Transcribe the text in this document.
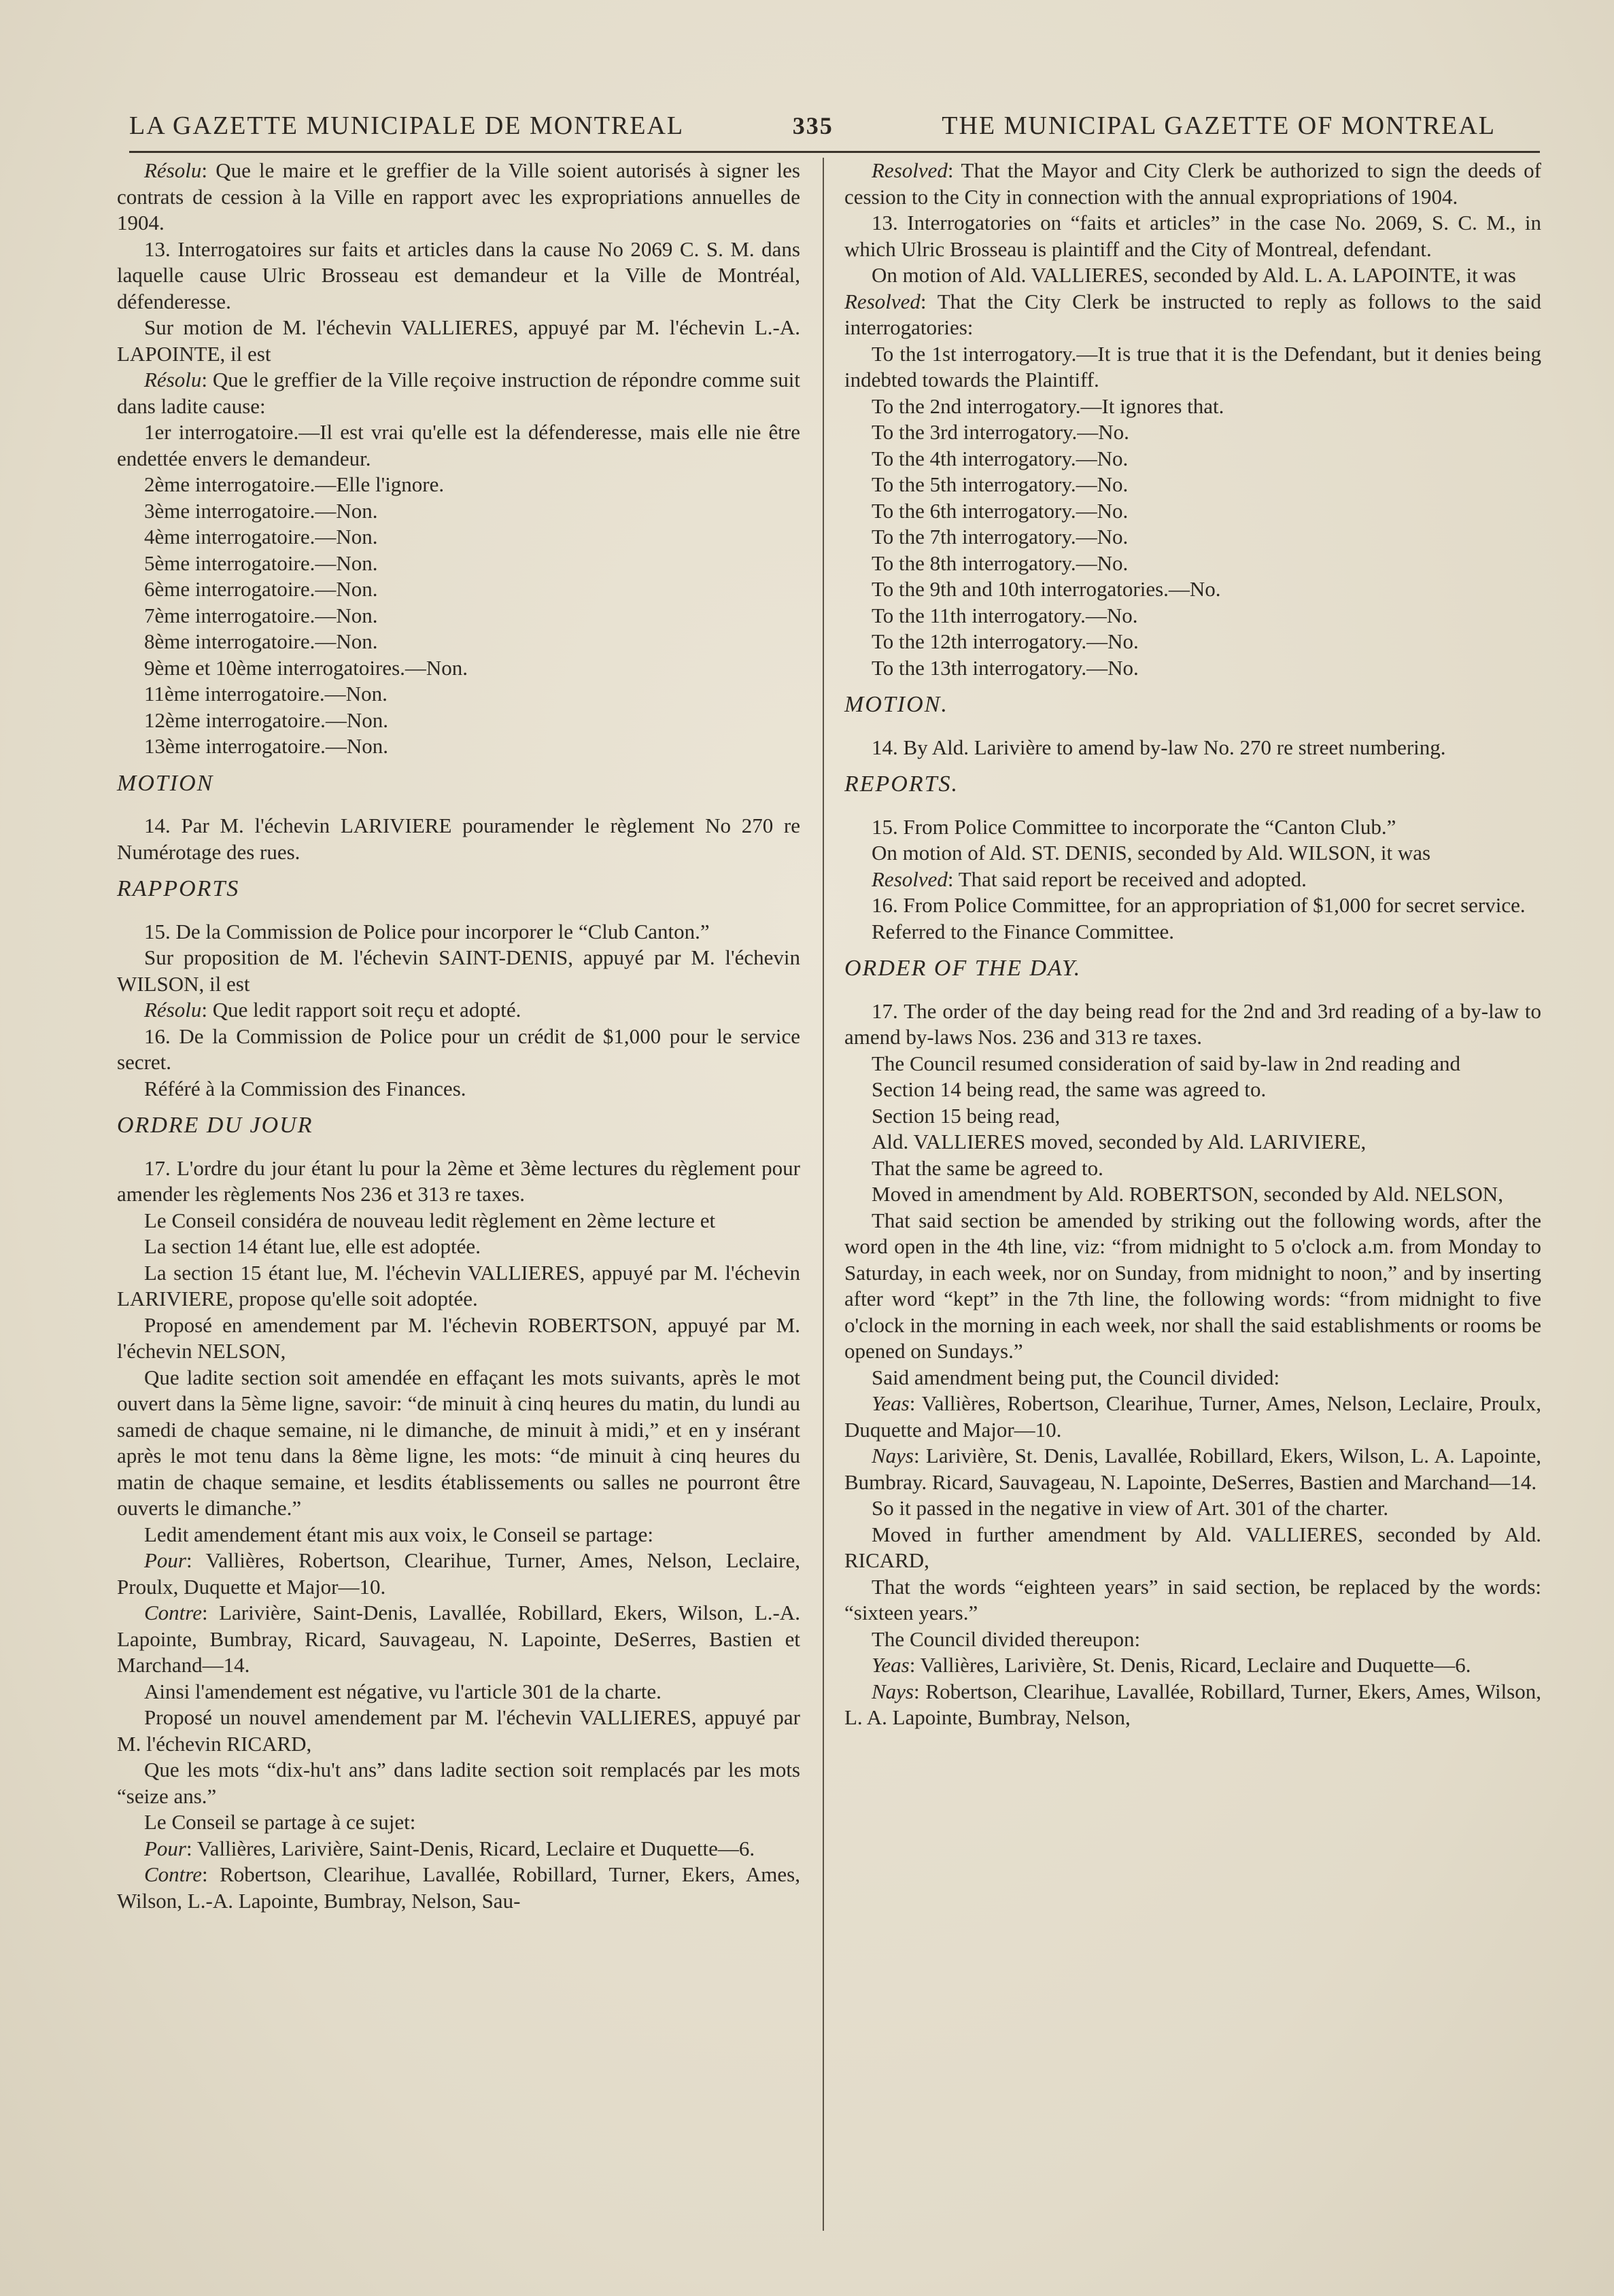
LA GAZETTE MUNICIPALE DE MONTREAL	335	THE MUNICIPAL GAZETTE OF MONTREAL

Résolu: Que le maire et le greffier de la Ville soient autorisés à signer les contrats de cession à la Ville en rapport avec les expropriations annuelles de 1904.

13. Interrogatoires sur faits et articles dans la cause No 2069 C. S. M. dans laquelle cause Ulric Brosseau est demandeur et la Ville de Montréal, défenderesse.

Sur motion de M. l'échevin VALLIERES, appuyé par M. l'échevin L.-A. LAPOINTE, il est

Résolu: Que le greffier de la Ville reçoive instruction de répondre comme suit dans ladite cause:

1er interrogatoire.—Il est vrai qu'elle est la défenderesse, mais elle nie être endettée envers le demandeur.

2ème interrogatoire.—Elle l'ignore.

3ème interrogatoire.—Non.

4ème interrogatoire.—Non.

5ème interrogatoire.—Non.

6ème interrogatoire.—Non.

7ème interrogatoire.—Non.

8ème interrogatoire.—Non.

9ème et 10ème interrogatoires.—Non.

11ème interrogatoire.—Non.

12ème interrogatoire.—Non.

13ème interrogatoire.—Non.

MOTION

14. Par M. l'échevin LARIVIERE pouramender le règlement No 270 re Numérotage des rues.

RAPPORTS

15. De la Commission de Police pour incorporer le “Club Canton.”

Sur proposition de M. l'échevin SAINT-DENIS, appuyé par M. l'échevin WILSON, il est

Résolu: Que ledit rapport soit reçu et adopté.

16. De la Commission de Police pour un crédit de $1,000 pour le service secret.

Référé à la Commission des Finances.

ORDRE DU JOUR

17. L'ordre du jour étant lu pour la 2ème et 3ème lectures du règlement pour amender les règlements Nos 236 et 313 re taxes.

Le Conseil considéra de nouveau ledit règlement en 2ème lecture et

La section 14 étant lue, elle est adoptée.

La section 15 étant lue, M. l'échevin VALLIERES, appuyé par M. l'échevin LARIVIERE, propose qu'elle soit adoptée.

Proposé en amendement par M. l'échevin ROBERTSON, appuyé par M. l'échevin NELSON,

Que ladite section soit amendée en effaçant les mots suivants, après le mot ouvert dans la 5ème ligne, savoir: “de minuit à cinq heures du matin, du lundi au samedi de chaque semaine, ni le dimanche, de minuit à midi,” et en y insérant après le mot tenu dans la 8ème ligne, les mots: “de minuit à cinq heures du matin de chaque semaine, et lesdits établissements ou salles ne pourront être ouverts le dimanche.”

Ledit amendement étant mis aux voix, le Conseil se partage:

Pour: Vallières, Robertson, Clearihue, Turner, Ames, Nelson, Leclaire, Proulx, Duquette et Major—10.

Contre: Larivière, Saint-Denis, Lavallée, Robillard, Ekers, Wilson, L.-A. Lapointe, Bumbray, Ricard, Sauvageau, N. Lapointe, DeSerres, Bastien et Marchand—14.

Ainsi l'amendement est négative, vu l'article 301 de la charte.

Proposé un nouvel amendement par M. l'échevin VALLIERES, appuyé par M. l'échevin RICARD,

Que les mots “dix-hu't ans” dans ladite section soit remplacés par les mots “seize ans.”

Le Conseil se partage à ce sujet:

Pour: Vallières, Larivière, Saint-Denis, Ricard, Leclaire et Duquette—6.

Contre: Robertson, Clearihue, Lavallée, Robillard, Turner, Ekers, Ames, Wilson, L.-A. Lapointe, Bumbray, Nelson, Sau-

Resolved: That the Mayor and City Clerk be authorized to sign the deeds of cession to the City in connection with the annual expropriations of 1904.

13. Interrogatories on “faits et articles” in the case No. 2069, S. C. M., in which Ulric Brosseau is plaintiff and the City of Montreal, defendant.

On motion of Ald. VALLIERES, seconded by Ald. L. A. LAPOINTE, it was

Resolved: That the City Clerk be instructed to reply as follows to the said interrogatories:

To the 1st interrogatory.—It is true that it is the Defendant, but it denies being indebted towards the Plaintiff.

To the 2nd interrogatory.—It ignores that.

To the 3rd interrogatory.—No.

To the 4th interrogatory.—No.

To the 5th interrogatory.—No.

To the 6th interrogatory.—No.

To the 7th interrogatory.—No.

To the 8th interrogatory.—No.

To the 9th and 10th interrogatories.—No.

To the 11th interrogatory.—No.

To the 12th interrogatory.—No.

To the 13th interrogatory.—No.

MOTION.

14. By Ald. Larivière to amend by-law No. 270 re street numbering.

REPORTS.

15. From Police Committee to incorporate the “Canton Club.”

On motion of Ald. ST. DENIS, seconded by Ald. WILSON, it was

Resolved: That said report be received and adopted.

16. From Police Committee, for an appropriation of $1,000 for secret service.

Referred to the Finance Committee.

ORDER OF THE DAY.

17. The order of the day being read for the 2nd and 3rd reading of a by-law to amend by-laws Nos. 236 and 313 re taxes.

The Council resumed consideration of said by-law in 2nd reading and

Section 14 being read, the same was agreed to.

Section 15 being read,

Ald. VALLIERES moved, seconded by Ald. LARIVIERE,

That the same be agreed to.

Moved in amendment by Ald. ROBERTSON, seconded by Ald. NELSON,

That said section be amended by striking out the following words, after the word open in the 4th line, viz: “from midnight to 5 o'clock a.m. from Monday to Saturday, in each week, nor on Sunday, from midnight to noon,” and by inserting after word “kept” in the 7th line, the following words: “from midnight to five o'clock in the morning in each week, nor shall the said establishments or rooms be opened on Sundays.”

Said amendment being put, the Council divided:

Yeas: Vallières, Robertson, Clearihue, Turner, Ames, Nelson, Leclaire, Proulx, Duquette and Major—10.

Nays: Larivière, St. Denis, Lavallée, Robillard, Ekers, Wilson, L. A. Lapointe, Bumbray. Ricard, Sauvageau, N. Lapointe, DeSerres, Bastien and Marchand—14.

So it passed in the negative in view of Art. 301 of the charter.

Moved in further amendment by Ald. VALLIERES, seconded by Ald. RICARD,

That the words “eighteen years” in said section, be replaced by the words: “sixteen years.”

The Council divided thereupon:

Yeas: Vallières, Larivière, St. Denis, Ricard, Leclaire and Duquette—6.

Nays: Robertson, Clearihue, Lavallée, Robillard, Turner, Ekers, Ames, Wilson, L. A. Lapointe, Bumbray, Nelson,
